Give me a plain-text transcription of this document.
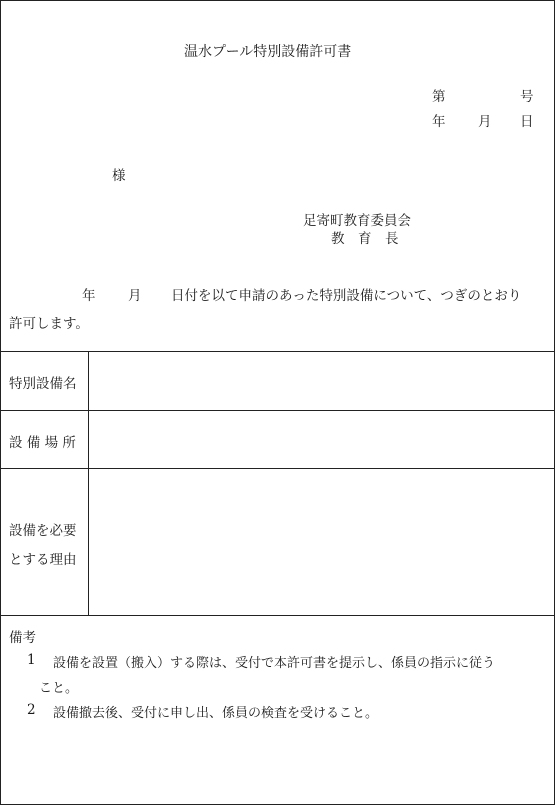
温水プール特別設備許可書
第	号
年 月 日
様
足寄町教育委員会
教　育　長
年 月 日付を以て申請のあった特別設備について、つぎのとおり
許可します。
特別設備名
設 備 場 所
設備を必要
とする理由
備考
1 設備を設置（搬入）する際は、受付で本許可書を提示し、係員の指示に従う
こと。
2 設備撤去後、受付に申し出、係員の検査を受けること。
